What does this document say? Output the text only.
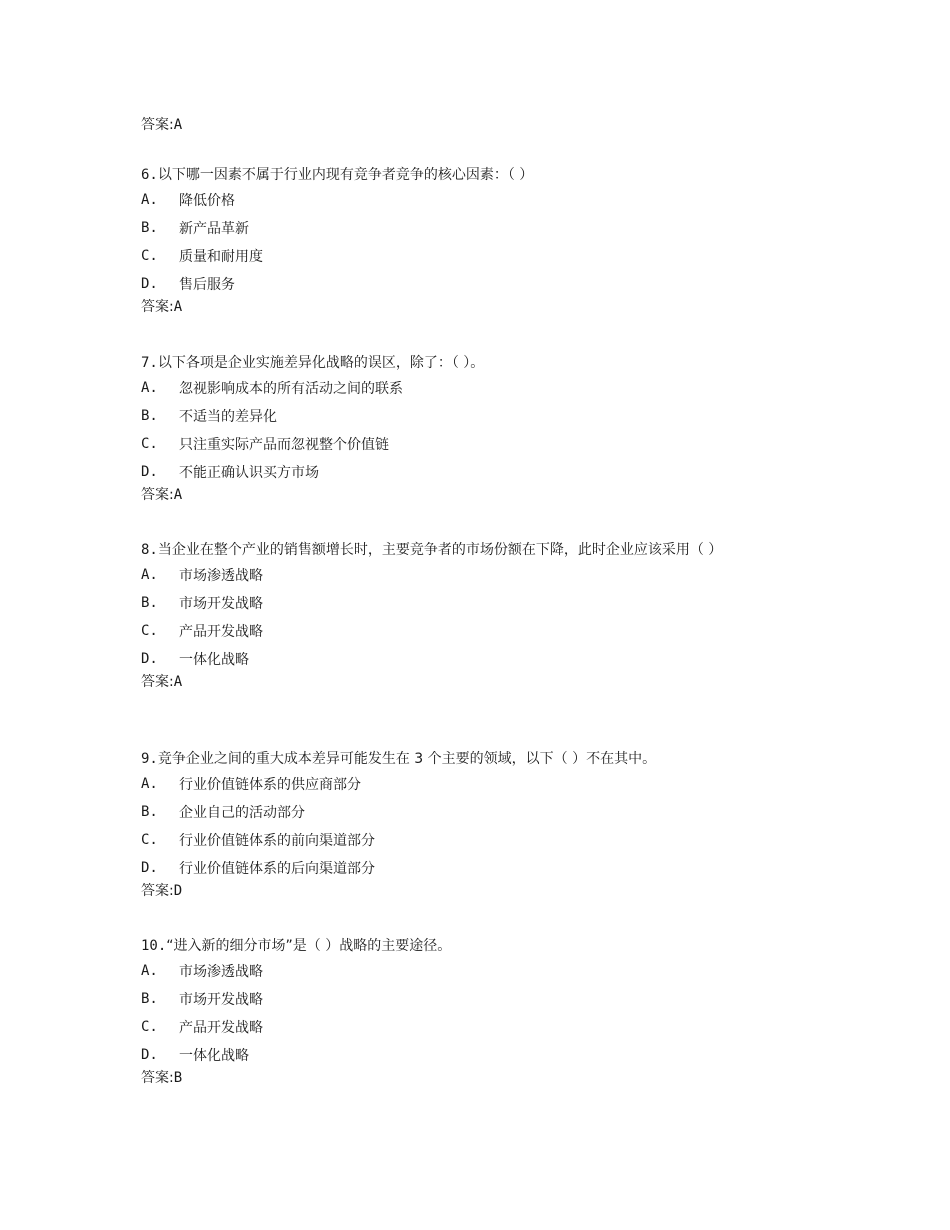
答案:A

6.以下哪一因素不属于行业内现有竞争者竞争的核心因素：（ ）

A.	降低价格
B.	新产品革新
C.	质量和耐用度
D.	售后服务

答案:A

7.以下各项是企业实施差异化战略的误区，除了：（ ）。

A.	忽视影响成本的所有活动之间的联系
B.	不适当的差异化
C.	只注重实际产品而忽视整个价值链
D.	不能正确认识买方市场

答案:A

8.当企业在整个产业的销售额增长时，主要竞争者的市场份额在下降，此时企业应该采用（ ）

A.	市场渗透战略
B.	市场开发战略
C.	产品开发战略
D.	一体化战略

答案:A

9.竞争企业之间的重大成本差异可能发生在 3 个主要的领域，以下（ ）不在其中。

A.	行业价值链体系的供应商部分
B.	企业自己的活动部分
C.	行业价值链体系的前向渠道部分
D.	行业价值链体系的后向渠道部分

答案:D

10.“进入新的细分市场”是（ ）战略的主要途径。

A.	市场渗透战略
B.	市场开发战略
C.	产品开发战略
D.	一体化战略

答案:B
